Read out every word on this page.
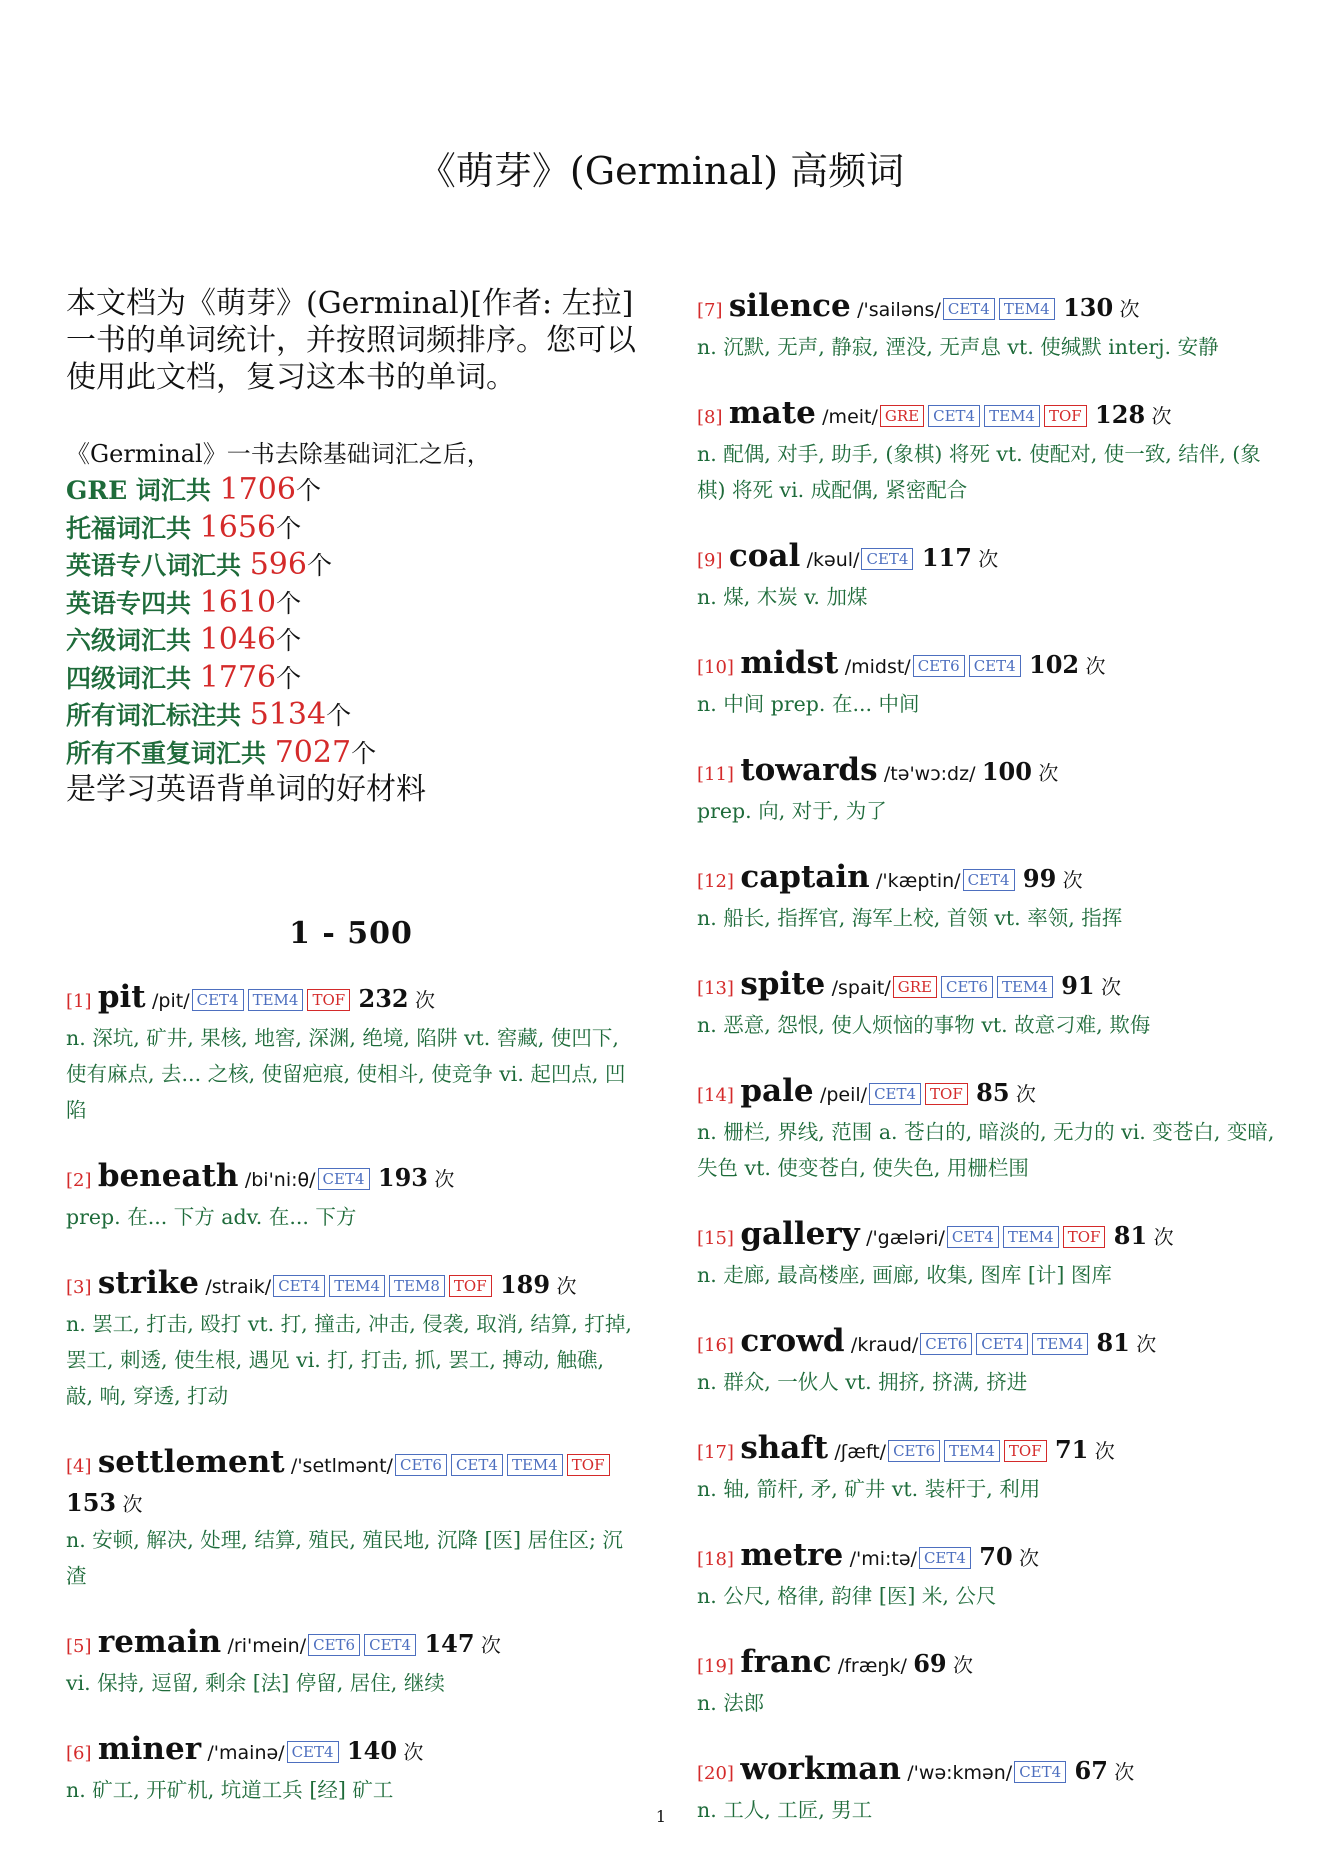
《萌芽》(Germinal) 高频词

本文档为《萌芽》(Germinal)[作者: 左拉] 一书的单词统计，并按照词频排序。您可以使用此文档，复习这本书的单词。

《Germinal》一书去除基础词汇之后，
GRE 词汇共 1706个
托福词汇共 1656个
英语专八词汇共 596个
英语专四共 1610个
六级词汇共 1046个
四级词汇共 1776个
所有词汇标注共 5134个
所有不重复词汇共 7027个
是学习英语背单词的好材料
1 - 500
[1] pit /pit/ CET4 TEM4 TOF 232 次
n. 深坑, 矿井, 果核, 地窖, 深渊, 绝境, 陷阱 vt. 窖藏, 使凹下, 使有麻点, 去... 之核, 使留疤痕, 使相斗, 使竞争 vi. 起凹点, 凹陷
[2] beneath /bi'ni:θ/ CET4 193 次
prep. 在... 下方 adv. 在... 下方
[3] strike /straik/ CET4 TEM4 TEM8 TOF 189 次
n. 罢工, 打击, 殴打 vt. 打, 撞击, 冲击, 侵袭, 取消, 结算, 打掉, 罢工, 刺透, 使生根, 遇见 vi. 打, 打击, 抓, 罢工, 搏动, 触礁, 敲, 响, 穿透, 打动
[4] settlement /'setlmənt/ CET6 CET4 TEM4 TOF 153 次
n. 安顿, 解决, 处理, 结算, 殖民, 殖民地, 沉降 [医] 居住区; 沉渣
[5] remain /ri'mein/ CET6 CET4 147 次
vi. 保持, 逗留, 剩余 [法] 停留, 居住, 继续
[6] miner /'mainə/ CET4 140 次
n. 矿工, 开矿机, 坑道工兵 [经] 矿工
[7] silence /'sailəns/ CET4 TEM4 130 次
n. 沉默, 无声, 静寂, 湮没, 无声息 vt. 使缄默 interj. 安静
[8] mate /meit/ GRE CET4 TEM4 TOF 128 次
n. 配偶, 对手, 助手, (象棋) 将死 vt. 使配对, 使一致, 结伴, (象棋) 将死 vi. 成配偶, 紧密配合
[9] coal /kəul/ CET4 117 次
n. 煤, 木炭 v. 加煤
[10] midst /midst/ CET6 CET4 102 次
n. 中间 prep. 在... 中间
[11] towards /tə'wɔ:dz/ 100 次
prep. 向, 对于, 为了
[12] captain /'kæptin/ CET4 99 次
n. 船长, 指挥官, 海军上校, 首领 vt. 率领, 指挥
[13] spite /spait/ GRE CET6 TEM4 91 次
n. 恶意, 怨恨, 使人烦恼的事物 vt. 故意刁难, 欺侮
[14] pale /peil/ CET4 TOF 85 次
n. 栅栏, 界线, 范围 a. 苍白的, 暗淡的, 无力的 vi. 变苍白, 变暗, 失色 vt. 使变苍白, 使失色, 用栅栏围
[15] gallery /'gæləri/ CET4 TEM4 TOF 81 次
n. 走廊, 最高楼座, 画廊, 收集, 图库 [计] 图库
[16] crowd /kraud/ CET6 CET4 TEM4 81 次
n. 群众, 一伙人 vt. 拥挤, 挤满, 挤进
[17] shaft /ʃæft/ CET6 TEM4 TOF 71 次
n. 轴, 箭杆, 矛, 矿井 vt. 装杆于, 利用
[18] metre /'mi:tə/ CET4 70 次
n. 公尺, 格律, 韵律 [医] 米, 公尺
[19] franc /fræŋk/ 69 次
n. 法郎
[20] workman /'wə:kmən/ CET4 67 次
n. 工人, 工匠, 男工
1
